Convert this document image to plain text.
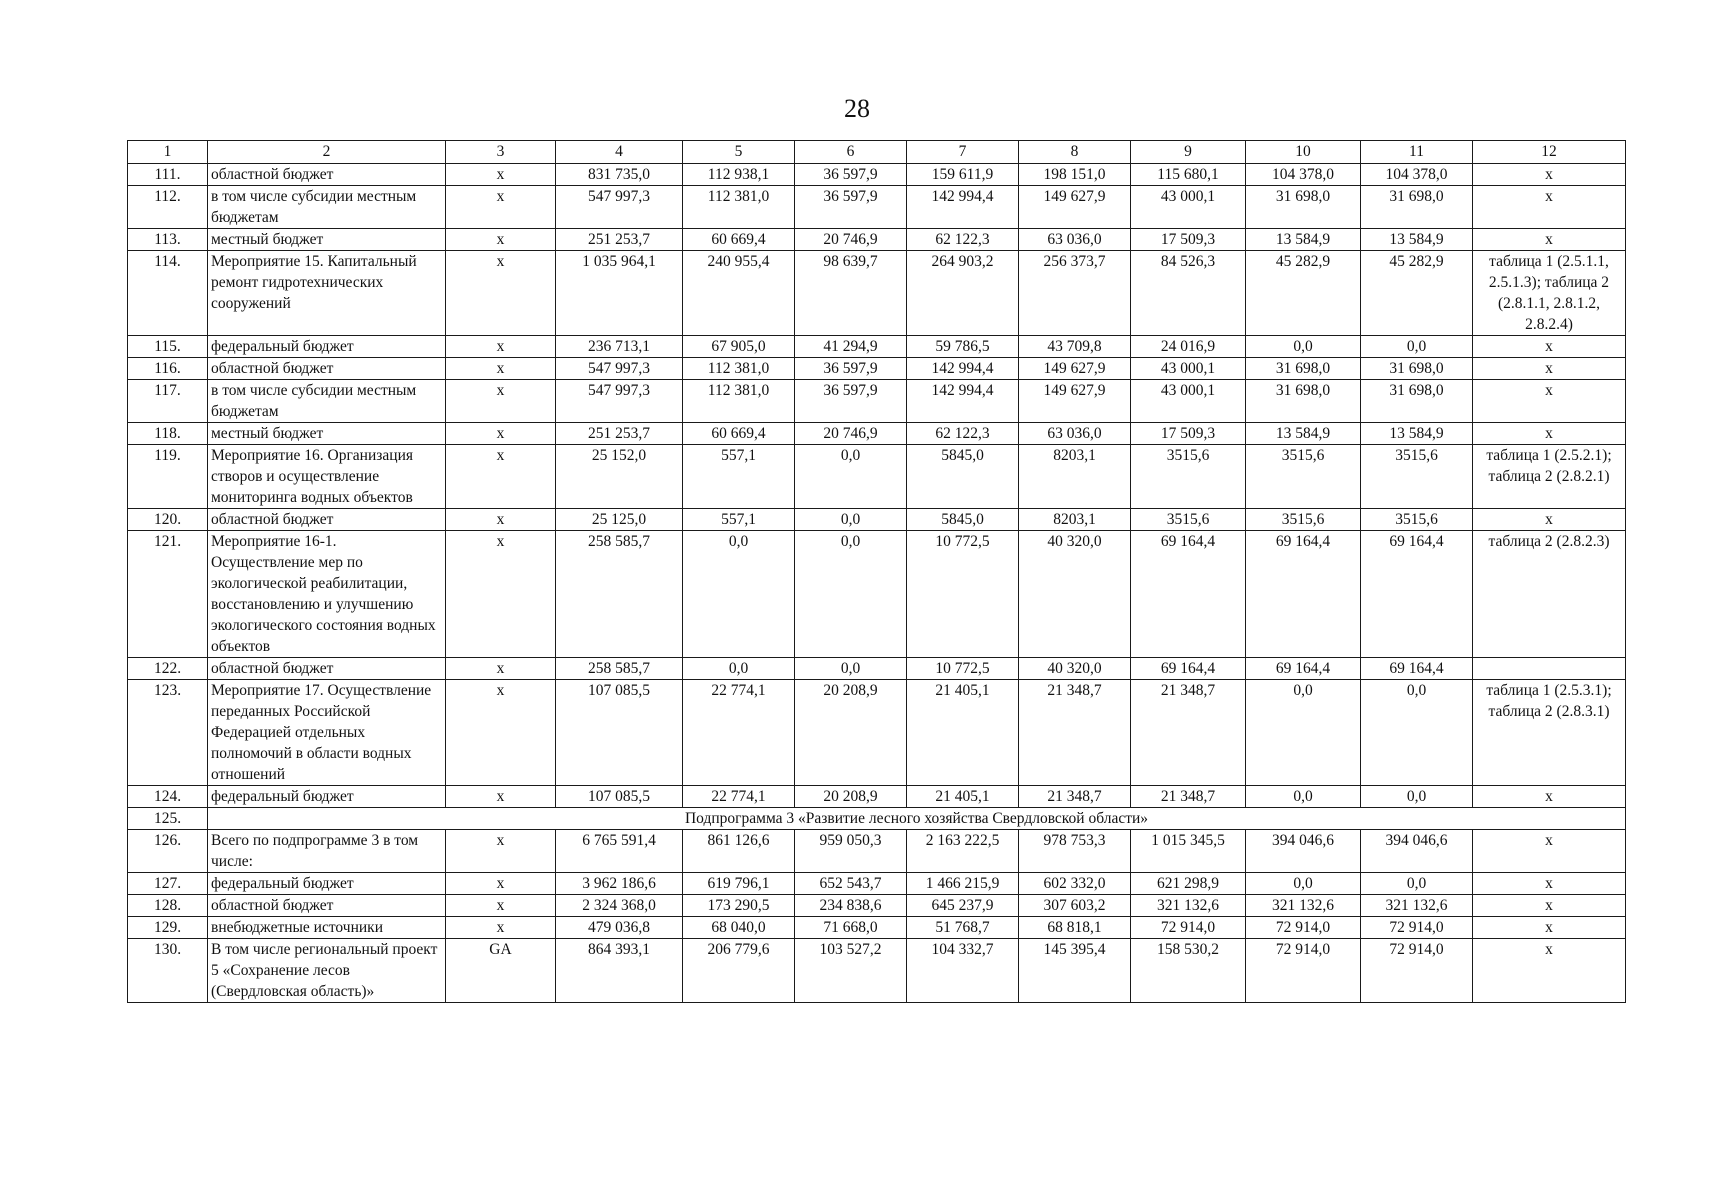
28
1	2	3	4	5	6	7	8	9	10	11	12
111.	областной бюджет	x	831 735,0	112 938,1	36 597,9	159 611,9	198 151,0	115 680,1	104 378,0	104 378,0	x
112.	в том числе субсидии местным бюджетам	x	547 997,3	112 381,0	36 597,9	142 994,4	149 627,9	43 000,1	31 698,0	31 698,0	x
113.	местный бюджет	x	251 253,7	60 669,4	20 746,9	62 122,3	63 036,0	17 509,3	13 584,9	13 584,9	x
114.	Мероприятие 15. Капитальный ремонт гидротехнических сооружений	x	1 035 964,1	240 955,4	98 639,7	264 903,2	256 373,7	84 526,3	45 282,9	45 282,9	таблица 1 (2.5.1.1, 2.5.1.3); таблица 2 (2.8.1.1, 2.8.1.2, 2.8.2.4)
115.	федеральный бюджет	x	236 713,1	67 905,0	41 294,9	59 786,5	43 709,8	24 016,9	0,0	0,0	x
116.	областной бюджет	x	547 997,3	112 381,0	36 597,9	142 994,4	149 627,9	43 000,1	31 698,0	31 698,0	x
117.	в том числе субсидии местным бюджетам	x	547 997,3	112 381,0	36 597,9	142 994,4	149 627,9	43 000,1	31 698,0	31 698,0	x
118.	местный бюджет	x	251 253,7	60 669,4	20 746,9	62 122,3	63 036,0	17 509,3	13 584,9	13 584,9	x
119.	Мероприятие 16. Организация створов и осуществление мониторинга водных объектов	x	25 152,0	557,1	0,0	5845,0	8203,1	3515,6	3515,6	3515,6	таблица 1 (2.5.2.1); таблица 2 (2.8.2.1)
120.	областной бюджет	x	25 125,0	557,1	0,0	5845,0	8203,1	3515,6	3515,6	3515,6	x
121.	Мероприятие 16-1. Осуществление мер по экологической реабилитации, восстановлению и улучшению экологического состояния водных объектов	x	258 585,7	0,0	0,0	10 772,5	40 320,0	69 164,4	69 164,4	69 164,4	таблица 2 (2.8.2.3)
122.	областной бюджет	x	258 585,7	0,0	0,0	10 772,5	40 320,0	69 164,4	69 164,4	69 164,4	
123.	Мероприятие 17. Осуществление переданных Российской Федерацией отдельных полномочий в области водных отношений	x	107 085,5	22 774,1	20 208,9	21 405,1	21 348,7	21 348,7	0,0	0,0	таблица 1 (2.5.3.1); таблица 2 (2.8.3.1)
124.	федеральный бюджет	x	107 085,5	22 774,1	20 208,9	21 405,1	21 348,7	21 348,7	0,0	0,0	x
125.	Подпрограмма 3 «Развитие лесного хозяйства Свердловской области»										
126.	Всего по подпрограмме 3 в том числе:	x	6 765 591,4	861 126,6	959 050,3	2 163 222,5	978 753,3	1 015 345,5	394 046,6	394 046,6	x
127.	федеральный бюджет	x	3 962 186,6	619 796,1	652 543,7	1 466 215,9	602 332,0	621 298,9	0,0	0,0	x
128.	областной бюджет	x	2 324 368,0	173 290,5	234 838,6	645 237,9	307 603,2	321 132,6	321 132,6	321 132,6	x
129.	внебюджетные источники	x	479 036,8	68 040,0	71 668,0	51 768,7	68 818,1	72 914,0	72 914,0	72 914,0	x
130.	В том числе региональный проект 5 «Сохранение лесов (Свердловская область)»	GA	864 393,1	206 779,6	103 527,2	104 332,7	145 395,4	158 530,2	72 914,0	72 914,0	x
